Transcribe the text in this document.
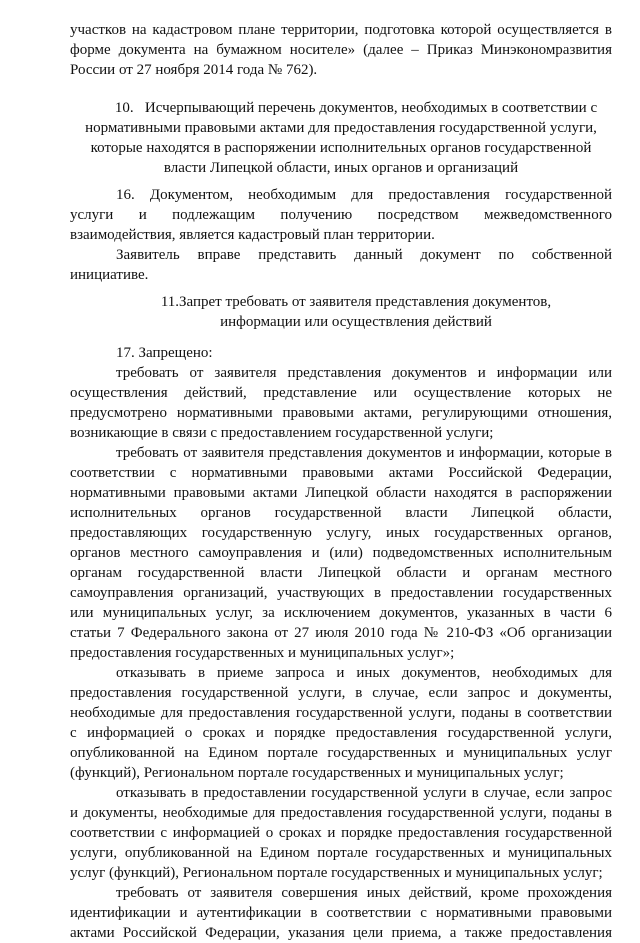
участков на кадастровом плане территории, подготовка которой осуществляется в

форме документа на бумажном носителе» (далее – Приказ Минэкономразвития

России от 27 ноября 2014 года № 762).

10. Исчерпывающий перечень документов, необходимых в соответствии с

нормативными правовыми актами для предоставления государственной услуги,

которые находятся в распоряжении исполнительных органов государственной

власти Липецкой области, иных органов и организаций

16. Документом, необходимым для предоставления государственной

услуги и подлежащим получению посредством межведомственного

взаимодействия, является кадастровый план территории.

Заявитель вправе представить данный документ по собственной

инициативе.

11.Запрет требовать от заявителя представления документов,

информации или осуществления действий

17. Запрещено:

требовать от заявителя представления документов и информации или

осуществления действий, представление или осуществление которых не

предусмотрено нормативными правовыми актами, регулирующими отношения,

возникающие в связи с предоставлением государственной услуги;

требовать от заявителя представления документов и информации, которые в

соответствии с нормативными правовыми актами Российской Федерации,

нормативными правовыми актами Липецкой области находятся в распоряжении

исполнительных органов государственной власти Липецкой области,

предоставляющих государственную услугу, иных государственных органов,

органов местного самоуправления и (или) подведомственных исполнительным

органам государственной власти Липецкой области и органам местного

самоуправления организаций, участвующих в предоставлении государственных

или муниципальных услуг, за исключением документов, указанных в части 6

статьи 7 Федерального закона от 27 июля 2010 года № 210-ФЗ «Об организации

предоставления государственных и муниципальных услуг»;

отказывать в приеме запроса и иных документов, необходимых для

предоставления государственной услуги, в случае, если запрос и документы,

необходимые для предоставления государственной услуги, поданы в соответствии

с информацией о сроках и порядке предоставления государственной услуги,

опубликованной на Едином портале государственных и муниципальных услуг

(функций), Региональном портале государственных и муниципальных услуг;

отказывать в предоставлении государственной услуги в случае, если запрос

и документы, необходимые для предоставления государственной услуги, поданы в

соответствии с информацией о сроках и порядке предоставления государственной

услуги, опубликованной на Едином портале государственных и муниципальных

услуг (функций), Региональном портале государственных и муниципальных услуг;

требовать от заявителя совершения иных действий, кроме прохождения

идентификации и аутентификации в соответствии с нормативными правовыми

актами Российской Федерации, указания цели приема, а также предоставления
